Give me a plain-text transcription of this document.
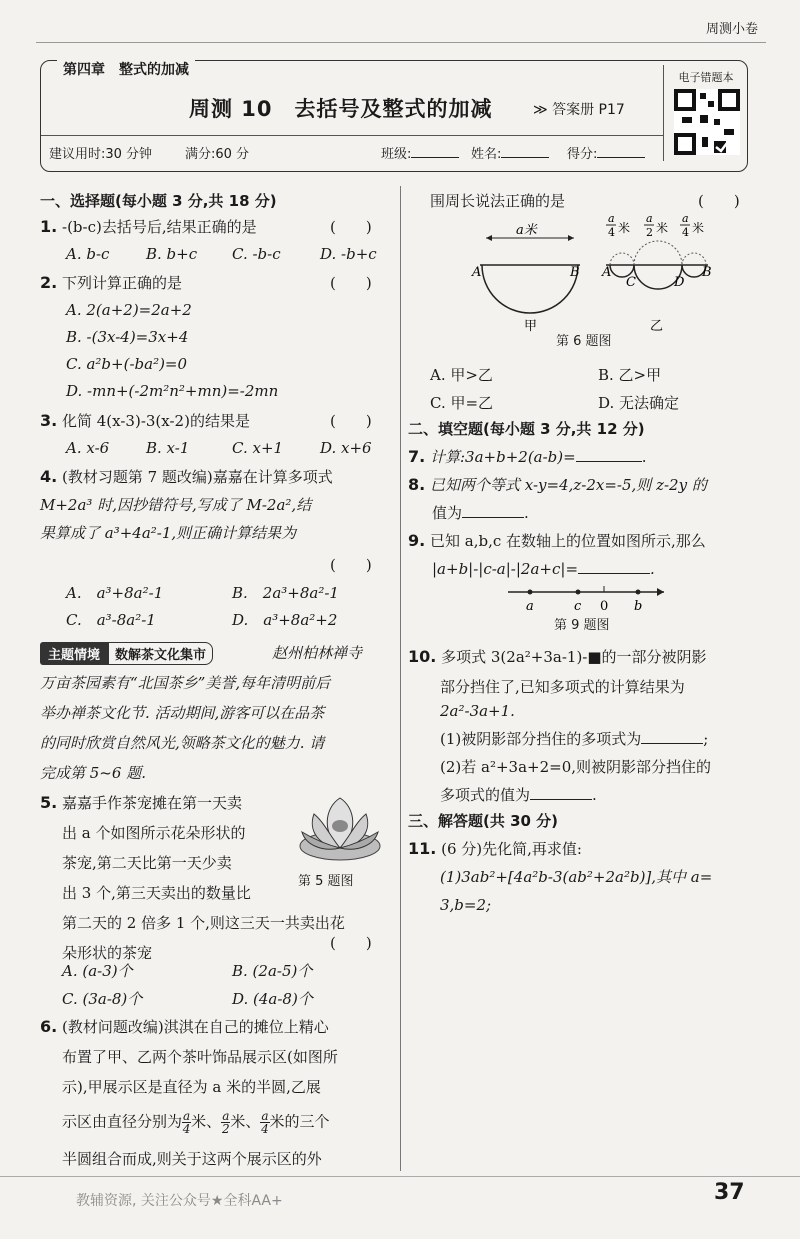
周测小卷
第四章　整式的加减
周测 10　去括号及整式的加减	≫ 答案册 P17
电子错题本
建议用时:30 分钟	满分:60 分	班级:	姓名:	得分:
一、选择题(每小题 3 分,共 18 分)
1. -(b-c)去括号后,结果正确的是	(　　)
A. b-c B. b+c C. -b-c	D. -b+c
2. 下列计算正确的是	(　　)
A. 2(a+2)=2a+2
B. -(3x-4)=3x+4
C. a²b+(-ba²)=0
D. -mn+(-2m²n²+mn)=-2mn
3. 化简 4(x-3)-3(x-2)的结果是	(　　)
A. x-6 B. x-1	C. x+1 D. x+6
4. (教材习题第 7 题改编)嘉嘉在计算多项式
M+2a³ 时,因抄错符号,写成了 M-2a²,结
果算成了 a³+4a²-1,则正确计算结果为
(　　)
A.　a³+8a²-1	B.　2a³+8a²-1
C.　a³-8a²-1	D.　a³+8a²+2
主题情境 数解茶文化集市	赵州柏林禅寺
万亩茶园素有“北国茶乡”美誉,每年清明前后
举办禅茶文化节. 活动期间,游客可以在品茶
的同时欣赏自然风光,领略茶文化的魅力. 请
完成第 5~6 题.
5. 嘉嘉手作茶宠摊在第一天卖
出 a 个如图所示花朵形状的
茶宠,第二天比第一天少卖
出 3 个,第三天卖出的数量比
第二天的 2 倍多 1 个,则这三天一共卖出花
朵形状的茶宠
(　　)
第 5 题图
A. (a-3)个	B. (2a-5)个
C. (3a-8)个	D. (4a-8)个
6. (教材问题改编)淇淇在自己的摊位上精心
布置了甲、乙两个茶叶饰品展示区(如图所
示),甲展示区是直径为 a 米的半圆,乙展
示区由直径分别为 $\frac{a}{4}$ 米、 $\frac{a}{2}$ 米、 $\frac{a}{4}$ 米的三个
半圆组合而成,则关于这两个展示区的外
围周长说法正确的是	(　　)
a米
A	B
甲
A
C	D
B
乙
a
4 米
a
2 米
a
4 米
第 6 题图
A. 甲>乙	B. 乙>甲
C. 甲=乙	D. 无法确定
二、填空题(每小题 3 分,共 12 分)
7. 计算:3a+b+2(a-b)=	.
8. 已知两个等式 x-y=4,z-2x=-5,则 z-2y 的
值为	.
9. 已知 a,b,c 在数轴上的位置如图所示,那么
|a+b|-|c-a|-|2a+c|=	.
a	c 0 b
第 9 题图
10. 多项式 3(2a²+3a-1)-■的一部分被阴影
部分挡住了,已知多项式的计算结果为
2a²-3a+1.
(1)被阴影部分挡住的多项式为	;
(2)若 a²+3a+2=0,则被阴影部分挡住的
多项式的值为	.
三、解答题(共 30 分)
11. (6 分)先化简,再求值:
(1)3ab²+[4a²b-3(ab²+2a²b)],其中 a=
3,b=2;
教辅资源, 关注公众号★全科AA+	37
